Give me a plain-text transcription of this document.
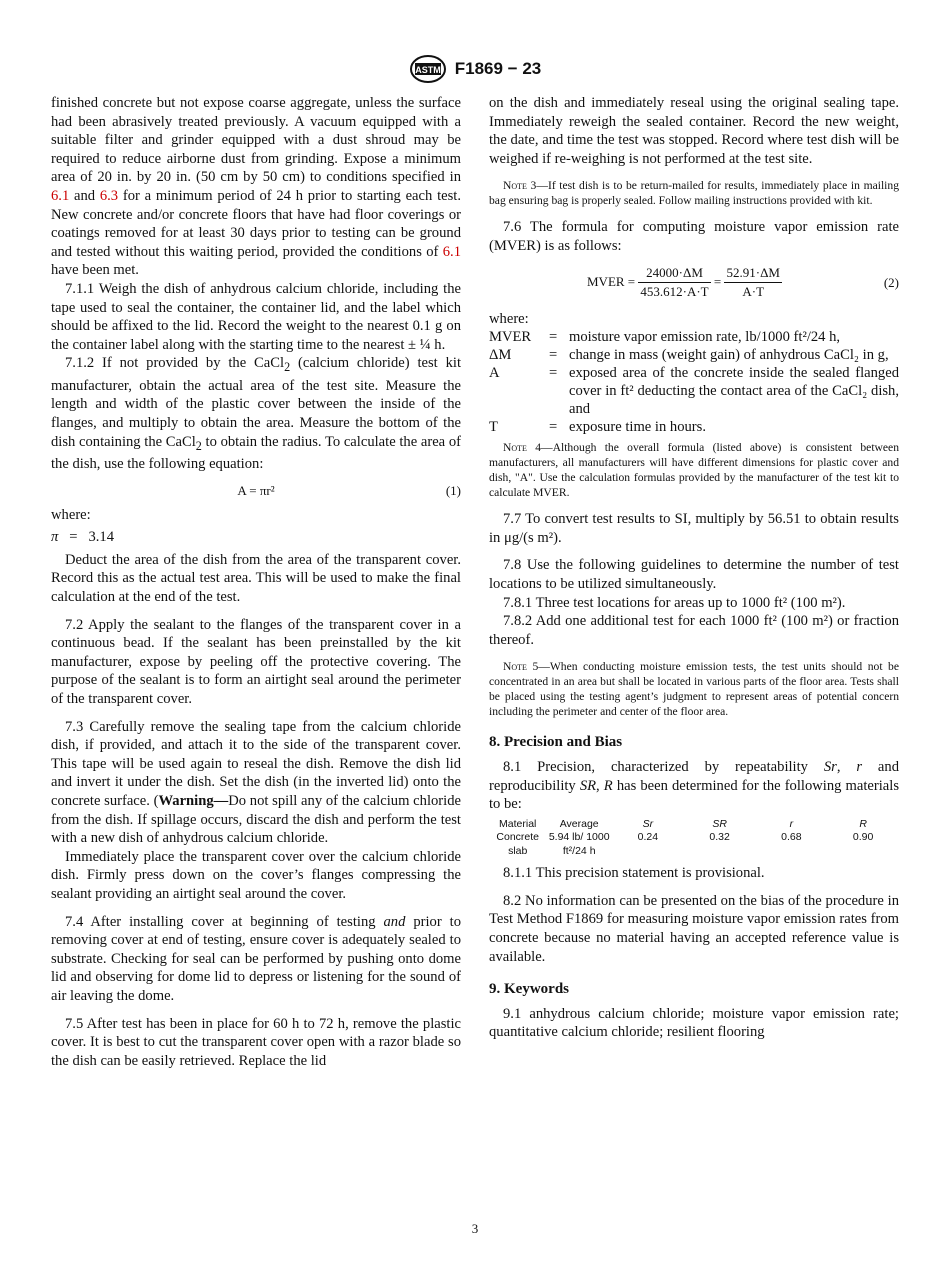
ASTM F1869 − 23

finished concrete but not expose coarse aggregate, unless the surface had been abrasively treated previously. A vacuum equipped with a suitable filter and grinder equipped with a dust shroud may be required to reduce airborne dust from grinding. Expose a minimum area of 20 in. by 20 in. (50 cm by 50 cm) to conditions specified in 6.1 and 6.3 for a minimum period of 24 h prior to starting each test. New concrete and/or concrete floors that have had floor coverings or coatings removed for at least 30 days prior to testing can be ground and tested without this waiting period, provided the conditions of 6.1 have been met.

7.1.1 Weigh the dish of anhydrous calcium chloride, including the tape used to seal the container, the container lid, and the label which should be affixed to the lid. Record the weight to the nearest 0.1 g on the container label along with the starting time to the nearest ± ¼ h.

7.1.2 If not provided by the CaCl$_2$ (calcium chloride) test kit manufacturer, obtain the actual area of the test site. Measure the length and width of the plastic cover between the inside of the flanges, and multiply to obtain the area. Measure the bottom of the dish containing the CaCl$_2$ to obtain the radius. To calculate the area of the dish, use the following equation:

A = πr²	(1)

where:

π = 3.14

Deduct the area of the dish from the area of the transparent cover. Record this as the actual test area. This will be used to make the final calculation at the end of the test.

7.2 Apply the sealant to the flanges of the transparent cover in a continuous bead. If the sealant has been preinstalled by the kit manufacturer, expose by peeling off the protective covering. The purpose of the sealant is to form an airtight seal around the perimeter of the transparent cover.

7.3 Carefully remove the sealing tape from the calcium chloride dish, if provided, and attach it to the side of the transparent cover. This tape will be used again to reseal the dish. Remove the dish lid and invert it under the dish. Set the dish (in the inverted lid) onto the concrete surface. (Warning—Do not spill any of the calcium chloride from the dish. If spillage occurs, discard the dish and perform the test with a new dish of anhydrous calcium chloride.

Immediately place the transparent cover over the calcium chloride dish. Firmly press down on the cover’s flanges compressing the sealant providing an airtight seal around the cover.

7.4 After installing cover at beginning of testing and prior to removing cover at end of testing, ensure cover is adequately sealed to substrate. Checking for seal can be performed by pushing onto dome lid and observing for dome lid to depress or listening for the sound of air leaving the dome.

7.5 After test has been in place for 60 h to 72 h, remove the plastic cover. It is best to cut the transparent cover open with a razor blade so the dish can be easily retrieved. Replace the lid

on the dish and immediately reseal using the original sealing tape. Immediately reweigh the sealed container. Record the new weight, the date, and time the test was stopped. Record where test dish will be weighed if re-weighing is not performed at the test site.

Note 3—If test dish is to be return-mailed for results, immediately place in mailing bag ensuring bag is properly sealed. Follow mailing instructions provided with kit.

7.6 The formula for computing moisture vapor emission rate (MVER) is as follows:

MVER = $\frac{24000\cdot\Delta M}{453.612\cdot A\cdot T} = \frac{52.91\cdot\Delta M}{A\cdot T}$	(2)

where:

MVER	=	moisture vapor emission rate, lb/1000 ft²/24 h,
ΔM	=	change in mass (weight gain) of anhydrous CaCl₂ in g,
A	=	exposed area of the concrete inside the sealed flanged cover in ft² deducting the contact area of the CaCl₂ dish, and
T	=	exposure time in hours.

Note 4—Although the overall formula (listed above) is consistent between manufacturers, all manufacturers will have different dimensions for plastic cover and dish, "A". Use the calculation formulas provided by the manufacturer of the test kit to calculate MVER.

7.7 To convert test results to SI, multiply by 56.51 to obtain results in μg/(s m²).

7.8 Use the following guidelines to determine the number of test locations to be utilized simultaneously.

7.8.1 Three test locations for areas up to 1000 ft² (100 m²).

7.8.2 Add one additional test for each 1000 ft² (100 m²) or fraction thereof.

Note 5—When conducting moisture emission tests, the test units should not be concentrated in an area but shall be located in various parts of the floor area. Tests shall be placed using the testing agent’s judgment to represent areas of potential concern including the perimeter and center of the floor area.

8. Precision and Bias

8.1 Precision, characterized by repeatability Sr, r and reproducibility SR, R has been determined for the following materials to be:

Material	Average	Sr	SR	r	R
Concrete slab	5.94 lb/ 1000 ft²/24 h	0.24	0.32	0.68	0.90

8.1.1 This precision statement is provisional.

8.2 No information can be presented on the bias of the procedure in Test Method F1869 for measuring moisture vapor emission rates from concrete because no material having an accepted reference value is available.

9. Keywords

9.1 anhydrous calcium chloride; moisture vapor emission rate; quantitative calcium chloride; resilient flooring

3
